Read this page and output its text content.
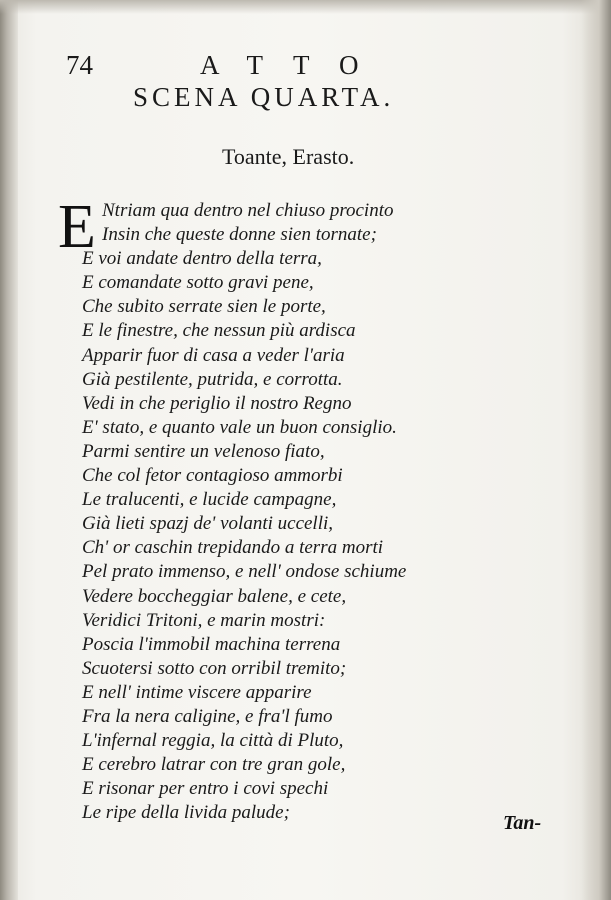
74	ATTO
SCENA QUARTA.
Toante, Erasto.
E Ntriam qua dentro nel chiuso procinto
Insin che queste donne sien tornate;
E voi andate dentro della terra,
E comandate sotto gravi pene,
Che subito serrate sien le porte,
E le finestre, che nessun più ardisca
Apparir fuor di casa a veder l'aria
Già pestilente, putrida, e corrotta.
Vedi in che periglio il nostro Regno
E' stato, e quanto vale un buon consiglio.
Parmi sentire un velenoso fiato,
Che col fetor contagioso ammorbi
Le tralucenti, e lucide campagne,
Già lieti spazj de' volanti uccelli,
Ch' or caschin trepidando a terra morti
Pel prato immenso, e nell' ondose schiume
Vedere boccheggiar balene, e cete,
Veridici Tritoni, e marin mostri:
Poscia l'immobil machina terrena
Scuotersi sotto con orribil tremito;
E nell' intime viscere apparire
Fra la nera caligine, e fra'l fumo
L'infernal reggia, la città di Pluto,
E cerebro latrar con tre gran gole,
E risonar per entro i covi spechi
Le ripe della livida palude;	Tan-
